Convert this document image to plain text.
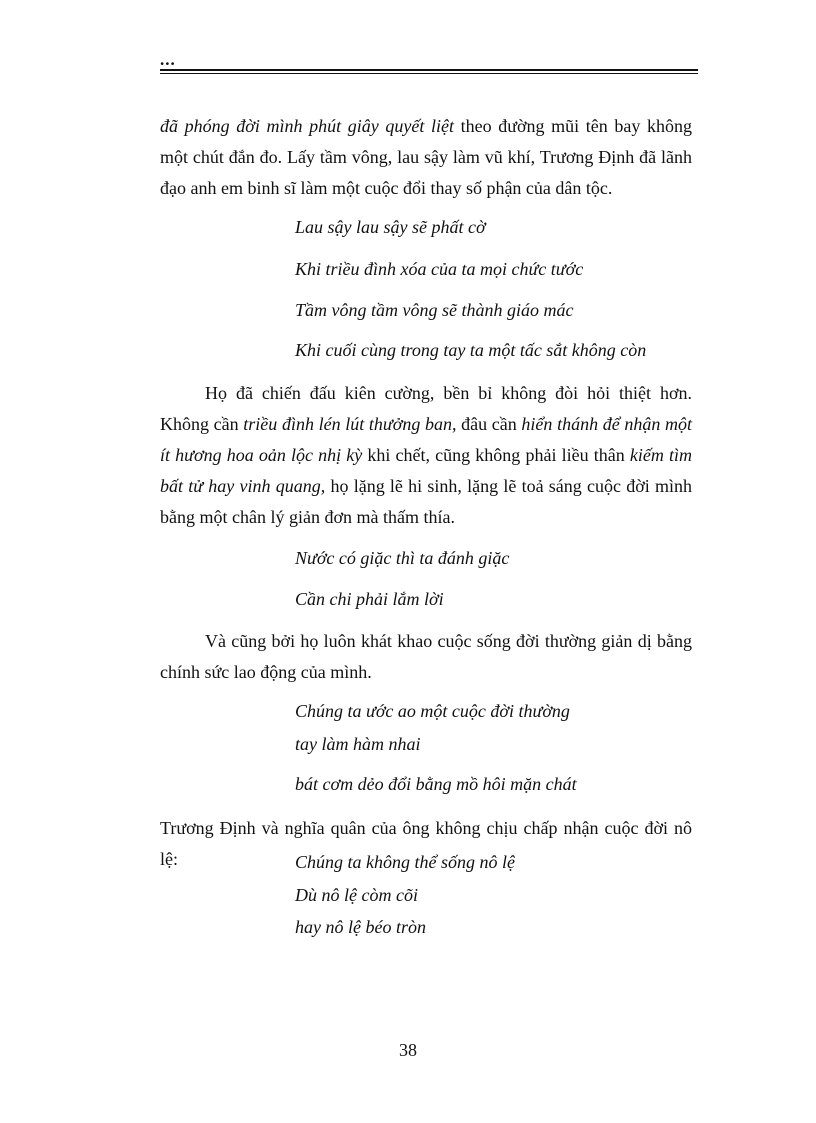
...
đã phóng đời mình phút giây quyết liệt theo đường mũi tên bay không một chút đắn đo. Lấy tầm vông, lau sậy làm vũ khí, Trương Định đã lãnh đạo anh em binh sĩ làm một cuộc đổi thay số phận của dân tộc.
Lau sậy lau sậy sẽ phất cờ
Khi triều đình xóa của ta mọi chức tước
Tầm vông tầm vông sẽ thành giáo mác
Khi cuối cùng trong tay ta một tấc sắt không còn
Họ đã chiến đấu kiên cường, bền bỉ không đòi hỏi thiệt hơn. Không cần triều đình lén lút thưởng ban, đâu cần hiển thánh để nhận một ít hương hoa oản lộc nhị kỳ khi chết, cũng không phải liều thân kiếm tìm bất tử hay vinh quang, họ lặng lẽ hi sinh, lặng lẽ toả sáng cuộc đời mình bằng một chân lý giản đơn mà thấm thía.
Nước có giặc thì ta đánh giặc
Cần chi phải lắm lời
Và cũng bởi họ luôn khát khao cuộc sống đời thường giản dị bằng chính sức lao động của mình.
Chúng ta ước ao một cuộc đời thường
tay làm hàm nhai
bát cơm dẻo đổi bằng mồ hôi mặn chát
Trương Định và nghĩa quân của ông không chịu chấp nhận cuộc đời nô lệ:	Chúng ta không thể sống nô lệ
Dù nô lệ còm cõi
hay nô lệ béo tròn
38
